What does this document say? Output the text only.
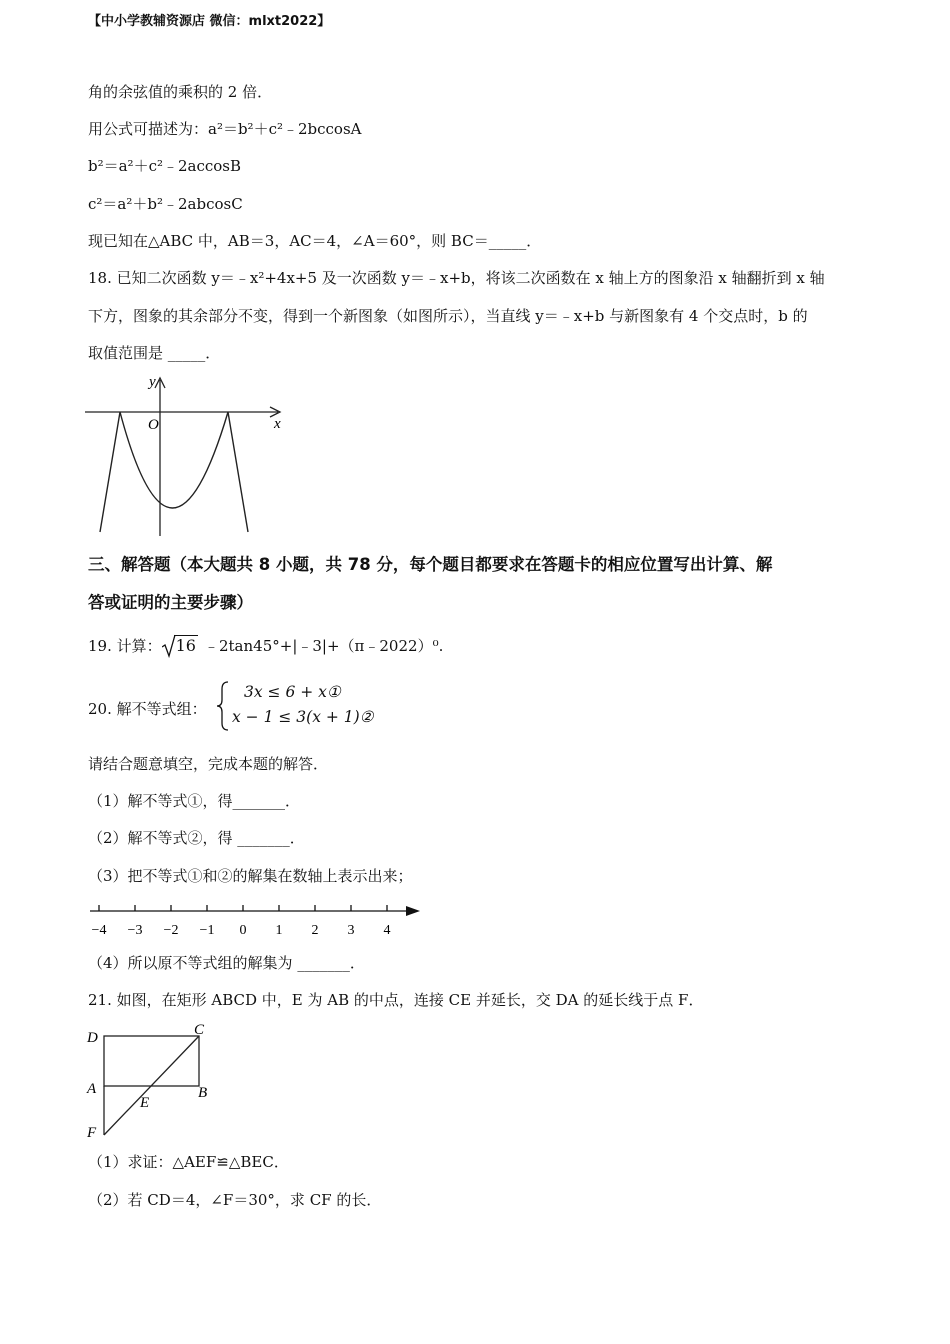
【中小学教辅资源店 微信：mlxt2022】
角的余弦值的乘积的 2 倍．
用公式可描述为：a²＝b²＋c²﹣2bccosA
b²＝a²＋c²﹣2accosB
c²＝a²＋b²﹣2abcosC
现已知在△ABC 中，AB＝3，AC＝4，∠A＝60°，则 BC＝_____．
18. 已知二次函数 y＝﹣x²+4x+5 及一次函数 y＝﹣x+b，将该二次函数在 x 轴上方的图象沿 x 轴翻折到 x 轴
下方，图象的其余部分不变，得到一个新图象（如图所示），当直线 y＝﹣x+b 与新图象有 4 个交点时，b 的
取值范围是 _____．
y
x
O
三、解答题（本大题共 8 小题，共 78 分，每个题目都要求在答题卡的相应位置写出计算、解
答或证明的主要步骤）
19. 计算： 16 ﹣2tan45°+|﹣3|+（π﹣2022）⁰.
20. 解不等式组：
3x ≤ 6 + x①
x − 1 ≤ 3(x + 1)②
请结合题意填空，完成本题的解答．
（1）解不等式①，得_______．
（2）解不等式②，得 _______．
（3）把不等式①和②的解集在数轴上表示出来；
−4 −3 −2 −1 0 1 2 3 4
（4）所以原不等式组的解集为 _______．
21. 如图，在矩形 ABCD 中，E 为 AB 的中点，连接 CE 并延长，交 DA 的延长线于点 F．
D	C
A	B
E
F
（1）求证：△AEF≌△BEC．
（2）若 CD＝4，∠F＝30°，求 CF 的长．
